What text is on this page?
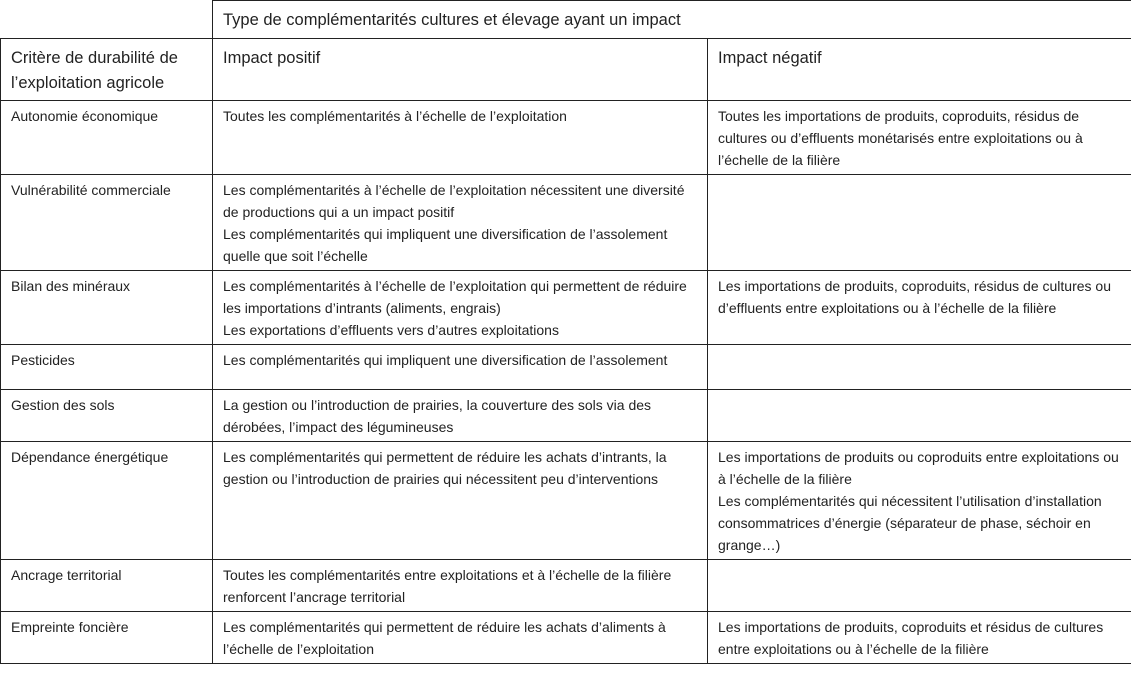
	Type de complémentarités cultures et élevage ayant un impact	
Critère de durabilité de l’exploitation agricole	Impact positif	Impact négatif
Autonomie économique	Toutes les complémentarités à l’échelle de l’exploitation	Toutes les importations de produits, coproduits, résidus de cultures ou d’effluents monétarisés entre exploitations ou à l’échelle de la filière

Vulnérabilité commerciale	Les complémentarités à l’échelle de l’exploitation nécessitent une diversité de productions qui a un impact positif
Les complémentarités qui impliquent une diversification de l’assolement quelle que soit l’échelle	

Bilan des minéraux	Les complémentarités à l’échelle de l’exploitation qui permettent de réduire les importations d’intrants (aliments, engrais)
Les exportations d’effluents vers d’autres exploitations	Les importations de produits, coproduits, résidus de cultures ou d’effluents entre exploitations ou à l’échelle de la filière

Pesticides	Les complémentarités qui impliquent une diversification de l’assolement	

Gestion des sols	La gestion ou l’introduction de prairies, la couverture des sols via des dérobées, l’impact des légumineuses	

Dépendance énergétique	Les complémentarités qui permettent de réduire les achats d’intrants, la gestion ou l’introduction de prairies qui nécessitent peu d’interventions	Les importations de produits ou coproduits entre exploitations ou à l’échelle de la filière
Les complémentarités qui nécessitent l’utilisation d’installation consommatrices d’énergie (séparateur de phase, séchoir en grange…)

Ancrage territorial	Toutes les complémentarités entre exploitations et à l’échelle de la filière renforcent l’ancrage territorial	

Empreinte foncière	Les complémentarités qui permettent de réduire les achats d’aliments à l’échelle de l’exploitation	Les importations de produits, coproduits et résidus de cultures entre exploitations ou à l’échelle de la filière
